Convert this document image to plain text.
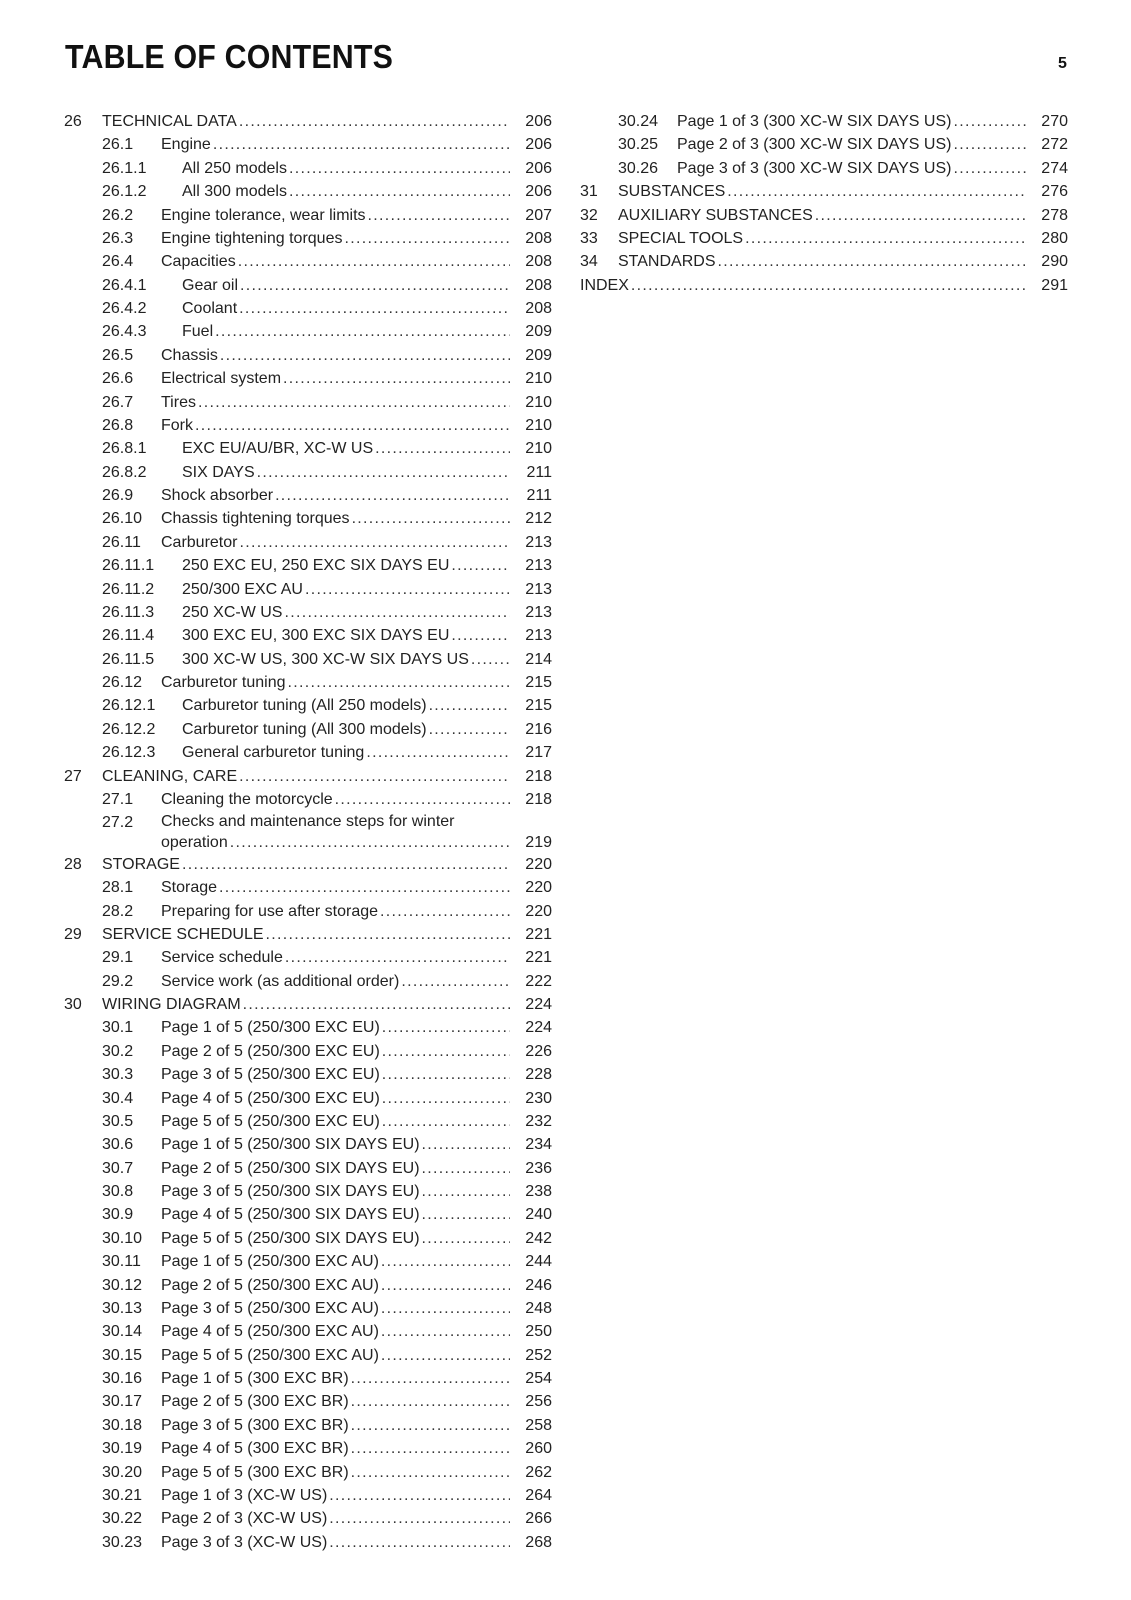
TABLE OF CONTENTS	5
26 TECHNICAL DATA .....	206
26.1 Engine .....	206
26.1.1 All 250 models .....	206
26.1.2 All 300 models .....	206
26.2 Engine tolerance, wear limits .....	207
26.3 Engine tightening torques .....	208
26.4 Capacities .....	208
26.4.1 Gear oil .....	208
26.4.2 Coolant .....	208
26.4.3 Fuel .....	209
26.5 Chassis .....	209
26.6 Electrical system .....	210
26.7 Tires .....	210
26.8 Fork .....	210
26.8.1 EXC EU/AU/BR, XC-W US .....	210
26.8.2 SIX DAYS .....	211
26.9 Shock absorber .....	211
26.10 Chassis tightening torques .....	212
26.11 Carburetor .....	213
26.11.1 250 EXC EU, 250 EXC SIX DAYS EU .....	213
26.11.2 250/300 EXC AU .....	213
26.11.3 250 XC-W US .....	213
26.11.4 300 EXC EU, 300 EXC SIX DAYS EU .....	213
26.11.5 300 XC-W US, 300 XC-W SIX DAYS US .....	214
26.12 Carburetor tuning .....	215
26.12.1 Carburetor tuning (All 250 models) .....	215
26.12.2 Carburetor tuning (All 300 models) .....	216
26.12.3 General carburetor tuning .....	217
27 CLEANING, CARE .....	218
27.1 Cleaning the motorcycle .....	218
27.2 Checks and maintenance steps for winter
operation .....	219
28 STORAGE .....	220
28.1 Storage .....	220
28.2 Preparing for use after storage .....	220
29 SERVICE SCHEDULE .....	221
29.1 Service schedule .....	221
29.2 Service work (as additional order) .....	222
30 WIRING DIAGRAM .....	224
30.1 Page 1 of 5 (250/300 EXC EU) .....	224
30.2 Page 2 of 5 (250/300 EXC EU) .....	226
30.3 Page 3 of 5 (250/300 EXC EU) .....	228
30.4 Page 4 of 5 (250/300 EXC EU) .....	230
30.5 Page 5 of 5 (250/300 EXC EU) .....	232
30.6 Page 1 of 5 (250/300 SIX DAYS EU) .....	234
30.7 Page 2 of 5 (250/300 SIX DAYS EU) .....	236
30.8 Page 3 of 5 (250/300 SIX DAYS EU) .....	238
30.9 Page 4 of 5 (250/300 SIX DAYS EU) .....	240
30.10 Page 5 of 5 (250/300 SIX DAYS EU) .....	242
30.11 Page 1 of 5 (250/300 EXC AU) .....	244
30.12 Page 2 of 5 (250/300 EXC AU) .....	246
30.13 Page 3 of 5 (250/300 EXC AU) .....	248
30.14 Page 4 of 5 (250/300 EXC AU) .....	250
30.15 Page 5 of 5 (250/300 EXC AU) .....	252
30.16 Page 1 of 5 (300 EXC BR) .....	254
30.17 Page 2 of 5 (300 EXC BR) .....	256
30.18 Page 3 of 5 (300 EXC BR) .....	258
30.19 Page 4 of 5 (300 EXC BR) .....	260
30.20 Page 5 of 5 (300 EXC BR) .....	262
30.21 Page 1 of 3 (XC-W US) .....	264
30.22 Page 2 of 3 (XC-W US) .....	266
30.23 Page 3 of 3 (XC-W US) .....	268
30.24 Page 1 of 3 (300 XC-W SIX DAYS US) .....	270
30.25 Page 2 of 3 (300 XC-W SIX DAYS US) .....	272
30.26 Page 3 of 3 (300 XC-W SIX DAYS US) .....	274
31 SUBSTANCES .....	276
32 AUXILIARY SUBSTANCES .....	278
33 SPECIAL TOOLS .....	280
34 STANDARDS .....	290
INDEX .....	291
